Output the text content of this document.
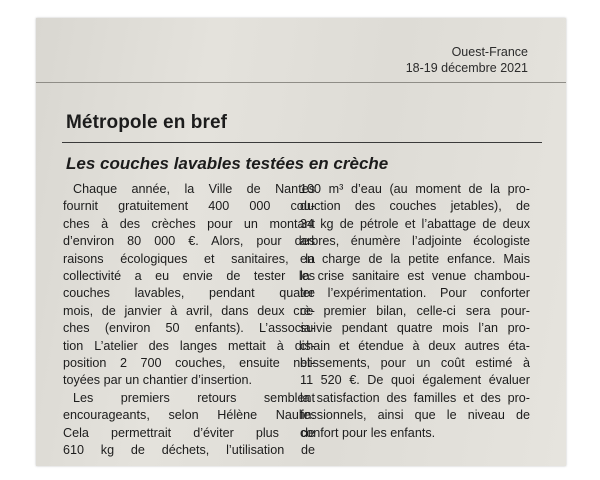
Ouest-France
18-19 décembre 2021
Métropole en bref
Les couches lavables testées en crèche
Chaque année, la Ville de Nantes
fournit gratuitement 400 000 cou-
ches à des crèches pour un montant
d’environ 80 000 €. Alors, pour des
raisons écologiques et sanitaires, la
collectivité a eu envie de tester les
couches lavables, pendant quatre
mois, de janvier à avril, dans deux crè-
ches (environ 50 enfants). L’associa-
tion L’atelier des langes mettait à dis-
position 2 700 couches, ensuite net-
toyées par un chantier d’insertion.
Les premiers retours semblent
encourageants, selon Hélène Naulin.
Cela permettrait d’éviter plus de
610 kg de déchets, l’utilisation de
100 m³ d’eau (au moment de la pro-
duction des couches jetables), de
34 kg de pétrole et l’abattage de deux
arbres, énumère l’adjointe écologiste
en charge de la petite enfance. Mais
la crise sanitaire est venue chambou-
ler l’expérimentation. Pour conforter
ce premier bilan, celle-ci sera pour-
suivie pendant quatre mois l’an pro-
chain et étendue à deux autres éta-
blissements, pour un coût estimé à
11 520 €. De quoi également évaluer
la satisfaction des familles et des pro-
fessionnels, ainsi que le niveau de
confort pour les enfants.
